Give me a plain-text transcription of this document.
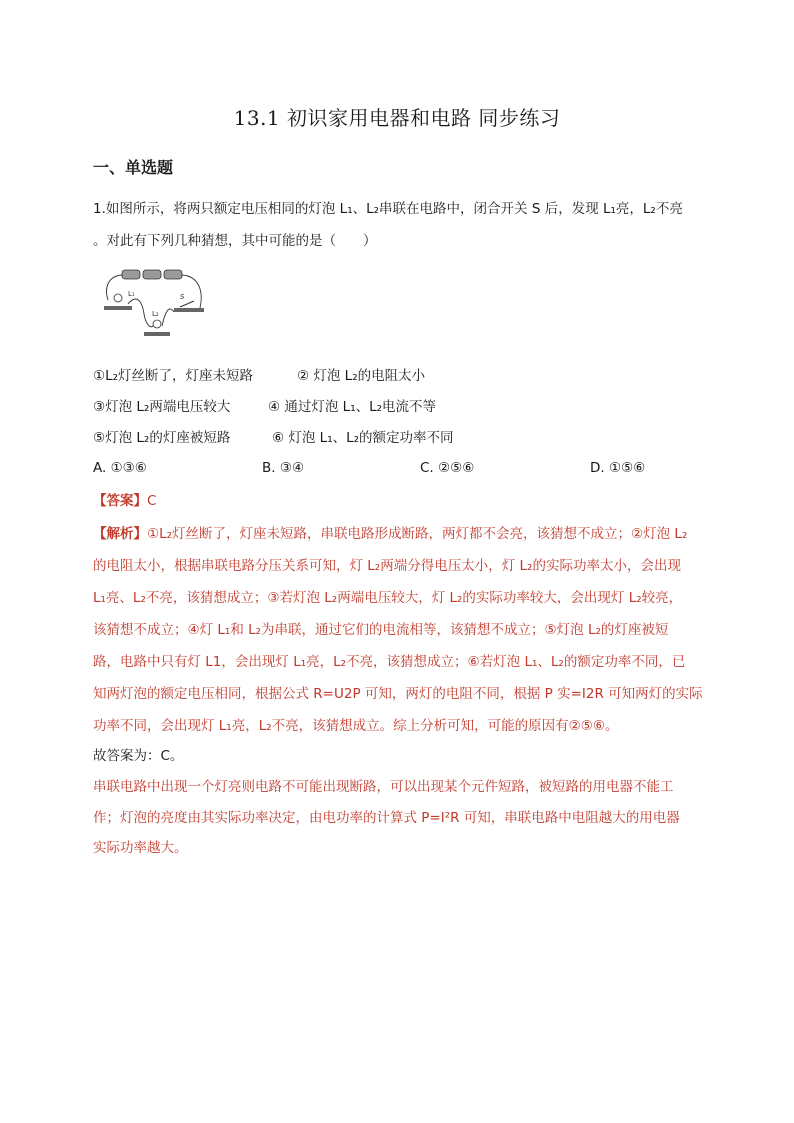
13.1 初识家用电器和电路 同步练习
一、单选题
1.如图所示，将两只额定电压相同的灯泡 L₁、L₂串联在电路中，闭合开关 S 后，发现 L₁亮，L₂不亮
。对此有下列几种猜想，其中可能的是（　　）
L₁	S
L₂
①L₂灯丝断了，灯座未短路	② 灯泡 L₂的电阻太小
③灯泡 L₂两端电压较大	④ 通过灯泡 L₁、L₂电流不等
⑤灯泡 L₂的灯座被短路	⑥ 灯泡 L₁、L₂的额定功率不同
A. ①③⑥	B. ③④	C. ②⑤⑥	D. ①⑤⑥
【答案】C
【解析】①L₂灯丝断了，灯座未短路，串联电路形成断路，两灯都不会亮，该猜想不成立；②灯泡 L₂
的电阻太小，根据串联电路分压关系可知，灯 L₂两端分得电压太小，灯 L₂的实际功率太小，会出现
L₁亮、L₂不亮，该猜想成立；③若灯泡 L₂两端电压较大，灯 L₂的实际功率较大，会出现灯 L₂较亮，
该猜想不成立；④灯 L₁和 L₂为串联，通过它们的电流相等，该猜想不成立；⑤灯泡 L₂的灯座被短
路，电路中只有灯 L1，会出现灯 L₁亮，L₂不亮，该猜想成立；⑥若灯泡 L₁、L₂的额定功率不同，已
知两灯泡的额定电压相同，根据公式 R=U2P 可知，两灯的电阻不同，根据 P 实=I2R 可知两灯的实际
功率不同，会出现灯 L₁亮，L₂不亮，该猜想成立。综上分析可知，可能的原因有②⑤⑥。
故答案为：C。
串联电路中出现一个灯亮则电路不可能出现断路，可以出现某个元件短路，被短路的用电器不能工
作；灯泡的亮度由其实际功率决定，由电功率的计算式 P=I²R 可知，串联电路中电阻越大的用电器
实际功率越大。
